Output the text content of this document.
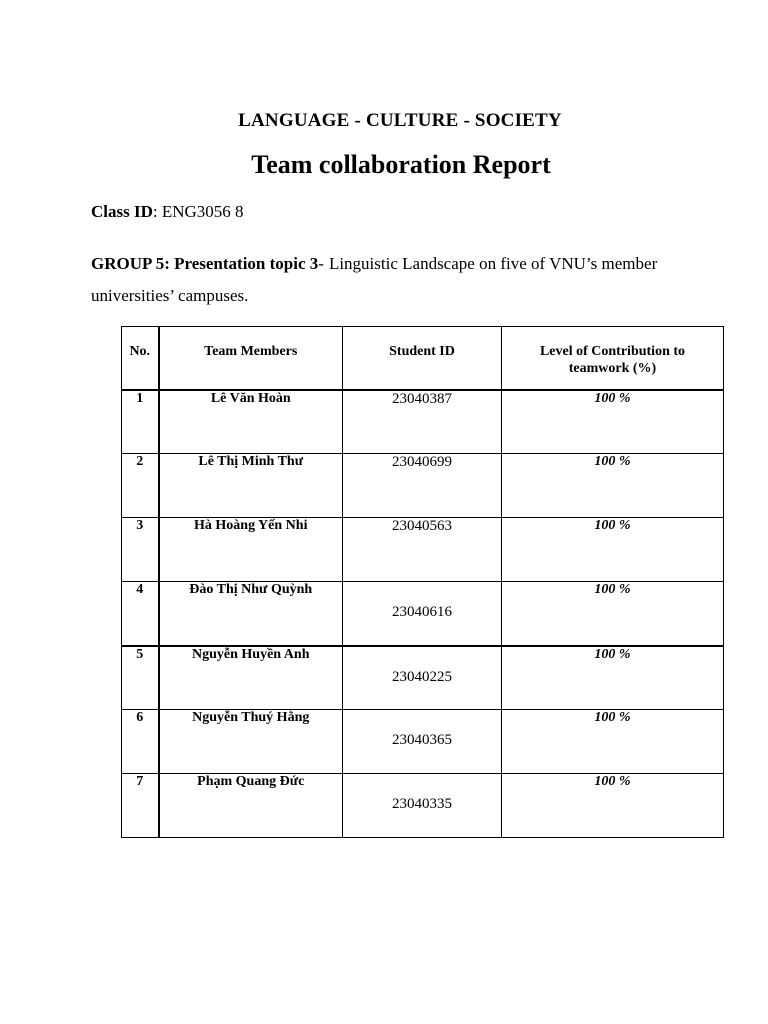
LANGUAGE - CULTURE - SOCIETY
Team collaboration Report
Class ID: ENG3056 8
GROUP 5: Presentation topic 3- Linguistic Landscape on five of VNU’s member universities’ campuses.
No.	Team Members	Student ID	Level of Contribution to teamwork (%)
1	Lê Văn Hoàn	23040387	100 %
2	Lê Thị Minh Thư	23040699	100 %
3	Hà Hoàng Yến Nhi	23040563	100 %
4	Đào Thị Như Quỳnh	23040616	100 %
5	Nguyễn Huyền Anh	23040225	100 %
6	Nguyễn Thuý Hằng	23040365	100 %
7	Phạm Quang Đức	23040335	100 %
